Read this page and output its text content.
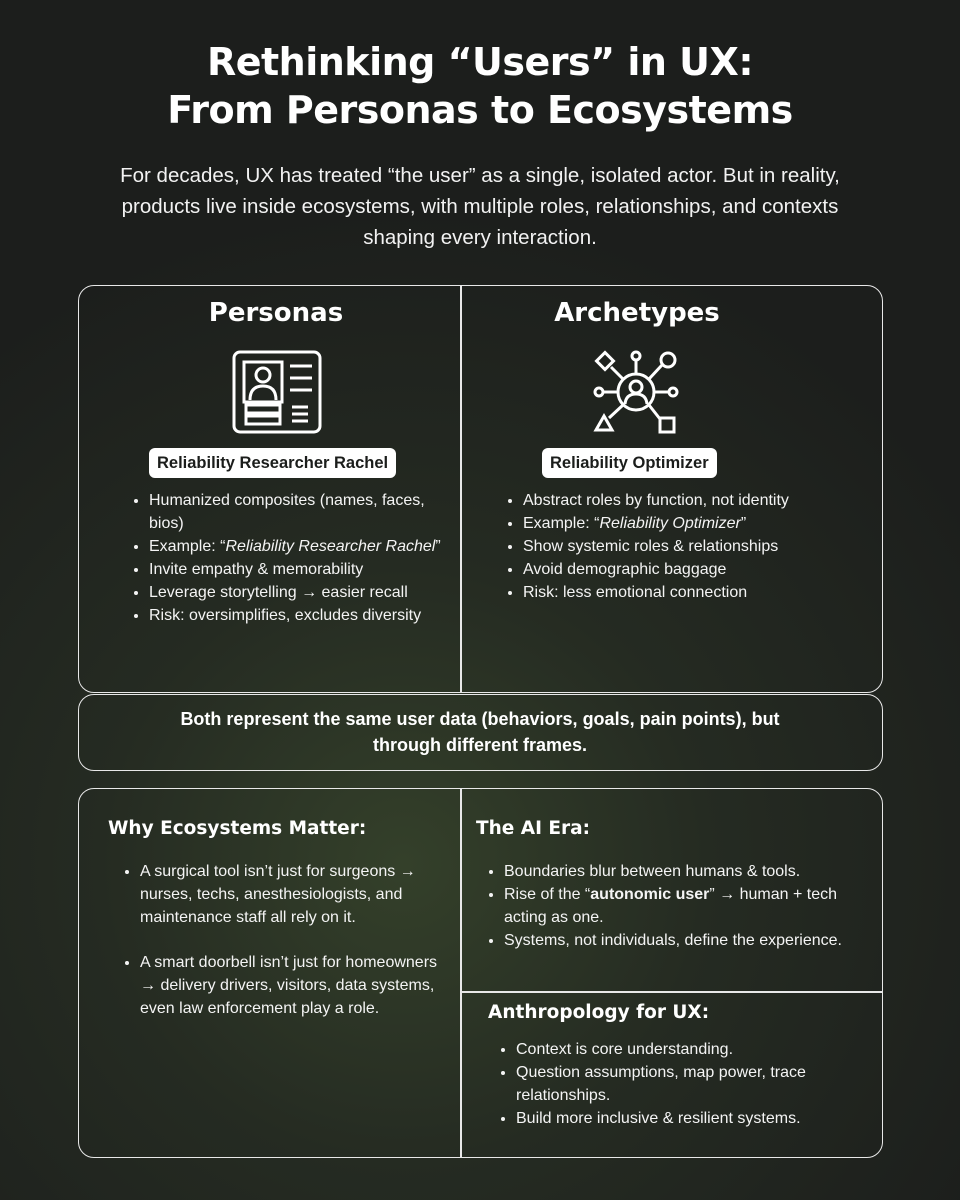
Rethinking “Users” in UX:
From Personas to Ecosystems
For decades, UX has treated “the user” as a single, isolated actor. But in reality, products live inside ecosystems, with multiple roles, relationships, and contexts shaping every interaction.
Personas
Reliability Researcher Rachel
• Humanized composites (names, faces, bios)
• Example: “Reliability Researcher Rachel”
• Invite empathy & memorability
• Leverage storytelling → easier recall
• Risk: oversimplifies, excludes diversity
Archetypes
Reliability Optimizer
• Abstract roles by function, not identity
• Example: “Reliability Optimizer”
• Show systemic roles & relationships
• Avoid demographic baggage
• Risk: less emotional connection
Both represent the same user data (behaviors, goals, pain points), but through different frames.
Why Ecosystems Matter:
• A surgical tool isn’t just for surgeons → nurses, techs, anesthesiologists, and maintenance staff all rely on it.
• A smart doorbell isn’t just for homeowners → delivery drivers, visitors, data systems, even law enforcement play a role.
The AI Era:
• Boundaries blur between humans & tools.
• Rise of the “autonomic user” → human + tech acting as one.
• Systems, not individuals, define the experience.
Anthropology for UX:
• Context is core understanding.
• Question assumptions, map power, trace relationships.
• Build more inclusive & resilient systems.
